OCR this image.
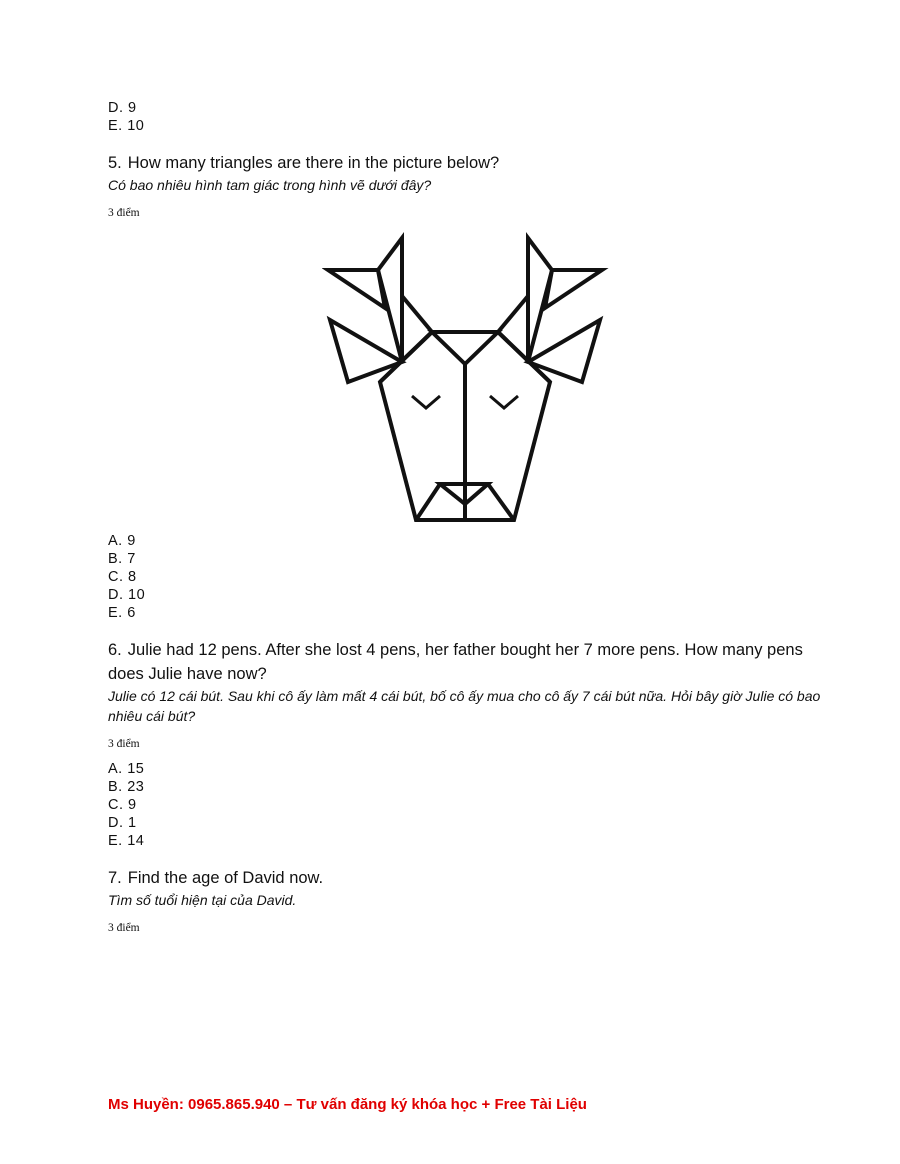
D. 9
E. 10

5. How many triangles are there in the picture below?

Có bao nhiêu hình tam giác trong hình vẽ dưới đây?

3 điểm

A. 9
B. 7
C. 8
D. 10
E. 6

6. Julie had 12 pens. After she lost 4 pens, her father bought her 7 more pens. How many pens does Julie have now?

Julie có 12 cái bút. Sau khi cô ấy làm mất 4 cái bút, bố cô ấy mua cho cô ấy 7 cái bút nữa. Hỏi bây giờ Julie có bao nhiêu cái bút?

3 điểm

A. 15
B. 23
C. 9
D. 1
E. 14

7. Find the age of David now.

Tìm số tuổi hiện tại của David.

3 điểm

Ms Huyền: 0965.865.940 – Tư vấn đăng ký khóa học + Free Tài Liệu
